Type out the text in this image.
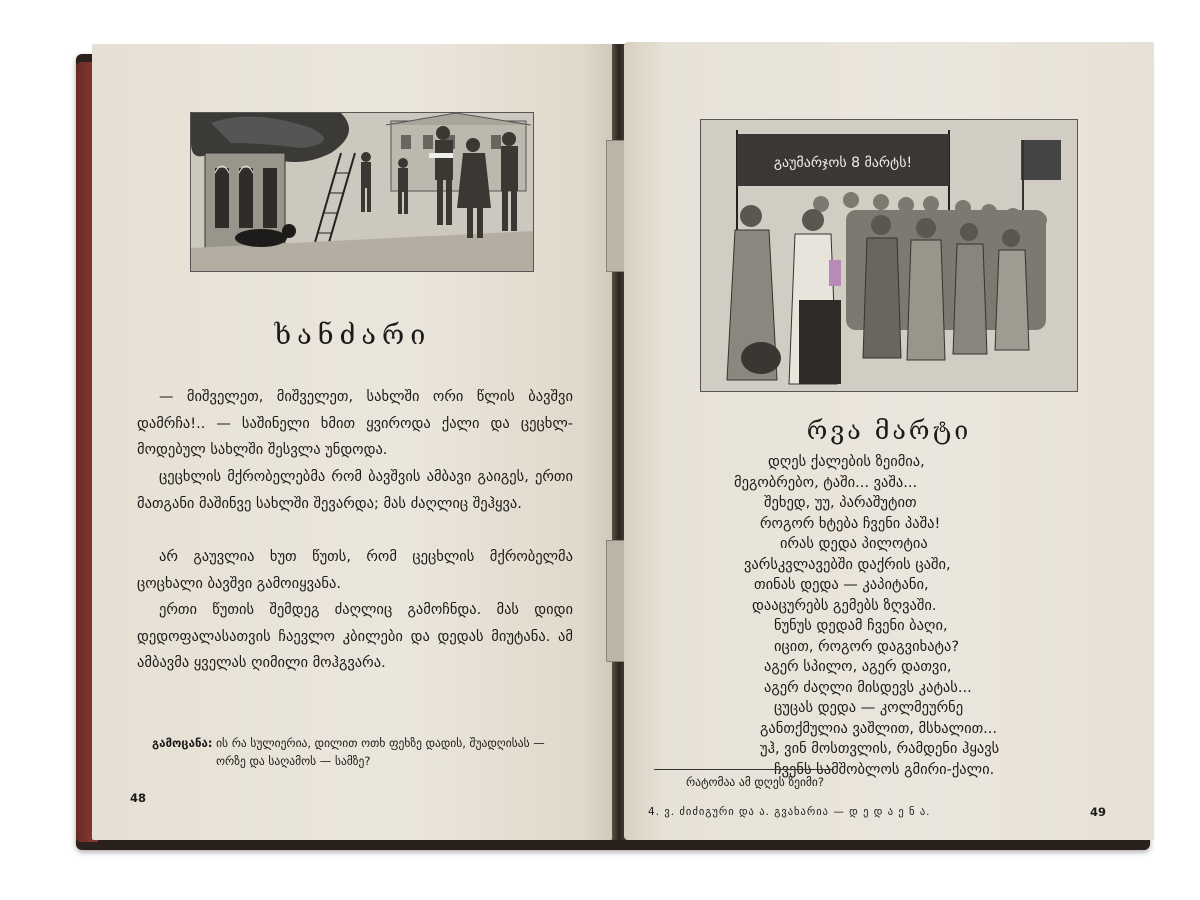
ხანძარი
— მიშველეთ, მიშველეთ, სახლში ორი წლის ბავშვი დამრჩა!.. — საშინელი ხმით ყვიროდა ქალი და ცეცხლ-მოდებულ სახლში შესვლა უნდოდა.
ცეცხლის მქრობელებმა რომ ბავშვის ამბავი გაიგეს, ერთი მათგანი მაშინვე სახლში შევარდა; მას ძაღლიც შეჰყვა.
არ გაუვლია ხუთ წუთს, რომ ცეცხლის მქრობელმა ცოცხალი ბავშვი გამოიყვანა.
ერთი წუთის შემდეგ ძაღლიც გამოჩნდა. მას დიდი დედოფალასათვის ჩაევლო კბილები და დედას მიუტანა. ამ ამბავმა ყველას ღიმილი მოჰგვარა.
გამოცანა: ის რა სულიერია, დილით ოთხ ფეხზე დადის, შუადღისას —
ორზე და საღამოს — სამზე?
48
გაუმარჯოს 8 მარტს!
რვა მარტი
დღეს ქალების ზეიმია,
მეგობრებო, ტაში... ვაშა...
შეხედ, უუ, პარაშუტით
როგორ ხტება ჩვენი პაშა!
ირას დედა პილოტია
ვარსკვლავებში დაქრის ცაში,
თინას დედა — კაპიტანი,
დააცურებს გემებს ზღვაში.
ნუნუს დედამ ჩვენი ბაღი,
იცით, როგორ დაგვიხატა?
აგერ სპილო, აგერ დათვი,
აგერ ძაღლი მისდევს კატას...
ცუცას დედა — კოლმეურნე
განთქმულია ვაშლით, მსხალით...
უჰ, ვინ მოსთვლის, რამდენი ჰყავს
ჩვენს სამშობლოს გმირი-ქალი.
რატომაა ამ დღეს ზეიმი?
4. ვ. ძიძიგური და ა. გვახარია — დ ე დ ა ე ნ ა.	49
